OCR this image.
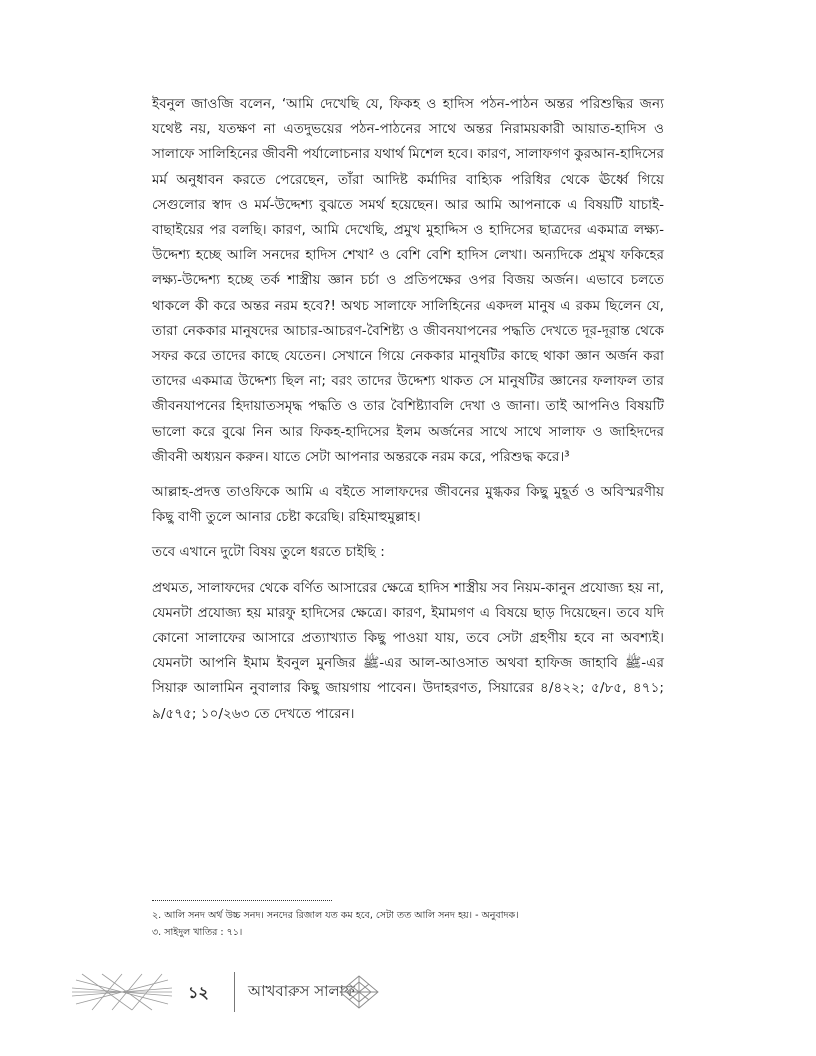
ইবনুল জাওজি বলেন, ‘আমি দেখেছি যে, ফিকহ ও হাদিস পঠন-পাঠন অন্তর পরিশুদ্ধির জন্য যথেষ্ট নয়, যতক্ষণ না এতদুভয়ের পঠন-পাঠনের সাথে অন্তর নিরাময়কারী আয়াত-হাদিস ও সালাফে সালিহিনের জীবনী পর্যালোচনার যথার্থ মিশেল হবে। কারণ, সালাফগণ কুরআন-হাদিসের মর্ম অনুধাবন করতে পেরেছেন, তাঁরা আদিষ্ট কর্মাদির বাহ্যিক পরিধির থেকে ঊর্ধ্বে গিয়ে সেগুলোর স্বাদ ও মর্ম-উদ্দেশ্য বুঝতে সমর্থ হয়েছেন। আর আমি আপনাকে এ বিষয়টি যাচাই-বাছাইয়ের পর বলছি। কারণ, আমি দেখেছি, প্রমুখ মুহাদ্দিস ও হাদিসের ছাত্রদের একমাত্র লক্ষ্য-উদ্দেশ্য হচ্ছে আলি সনদের হাদিস শেখা² ও বেশি বেশি হাদিস লেখা। অন্যদিকে প্রমুখ ফকিহের লক্ষ্য-উদ্দেশ্য হচ্ছে তর্ক শাস্ত্রীয় জ্ঞান চর্চা ও প্রতিপক্ষের ওপর বিজয় অর্জন। এভাবে চলতে থাকলে কী করে অন্তর নরম হবে?! অথচ সালাফে সালিহিনের একদল মানুষ এ রকম ছিলেন যে, তারা নেককার মানুষদের আচার-আচরণ-বৈশিষ্ট্য ও জীবনযাপনের পদ্ধতি দেখতে দূর-দূরান্ত থেকে সফর করে তাদের কাছে যেতেন। সেখানে গিয়ে নেককার মানুষটির কাছে থাকা জ্ঞান অর্জন করা তাদের একমাত্র উদ্দেশ্য ছিল না; বরং তাদের উদ্দেশ্য থাকত সে মানুষটির জ্ঞানের ফলাফল তার জীবনযাপনের হিদায়াতসমৃদ্ধ পদ্ধতি ও তার বৈশিষ্ট্যাবলি দেখা ও জানা। তাই আপনিও বিষয়টি ভালো করে বুঝে নিন আর ফিকহ-হাদিসের ইলম অর্জনের সাথে সাথে সালাফ ও জাহিদদের জীবনী অধ্যয়ন করুন। যাতে সেটা আপনার অন্তরকে নরম করে, পরিশুদ্ধ করে।³

আল্লাহ-প্রদত্ত তাওফিকে আমি এ বইতে সালাফদের জীবনের মুগ্ধকর কিছু মুহূর্ত ও অবিস্মরণীয় কিছু বাণী তুলে আনার চেষ্টা করেছি। রহিমাহুমুল্লাহ।

তবে এখানে দুটো বিষয় তুলে ধরতে চাইছি :

প্রথমত, সালাফদের থেকে বর্ণিত আসারের ক্ষেত্রে হাদিস শাস্ত্রীয় সব নিয়ম-কানুন প্রযোজ্য হয় না, যেমনটা প্রযোজ্য হয় মারফু হাদিসের ক্ষেত্রে। কারণ, ইমামগণ এ বিষয়ে ছাড় দিয়েছেন। তবে যদি কোনো সালাফের আসারে প্রত্যাখ্যাত কিছু পাওয়া যায়, তবে সেটা গ্রহণীয় হবে না অবশ্যই। যেমনটা আপনি ইমাম ইবনুল মুনজির ﷺ-এর আল-আওসাত অথবা হাফিজ জাহাবি ﷺ-এর সিয়ারু আলামিন নুবালার কিছু জায়গায় পাবেন। উদাহরণত, সিয়ারের ৪/৪২২; ৫/৮৫, ৪৭১; ৯/৫৭৫; ১০/২৬৩ তে দেখতে পারেন।

২. আলি সনদ অর্থ উচ্চ সনদ। সনদের রিজাল যত কম হবে, সেটা তত আলি সনদ হয়। - অনুবাদক।

৩. সাইদুল খাতির : ৭১।

১২	আখবারুস সালাফ
